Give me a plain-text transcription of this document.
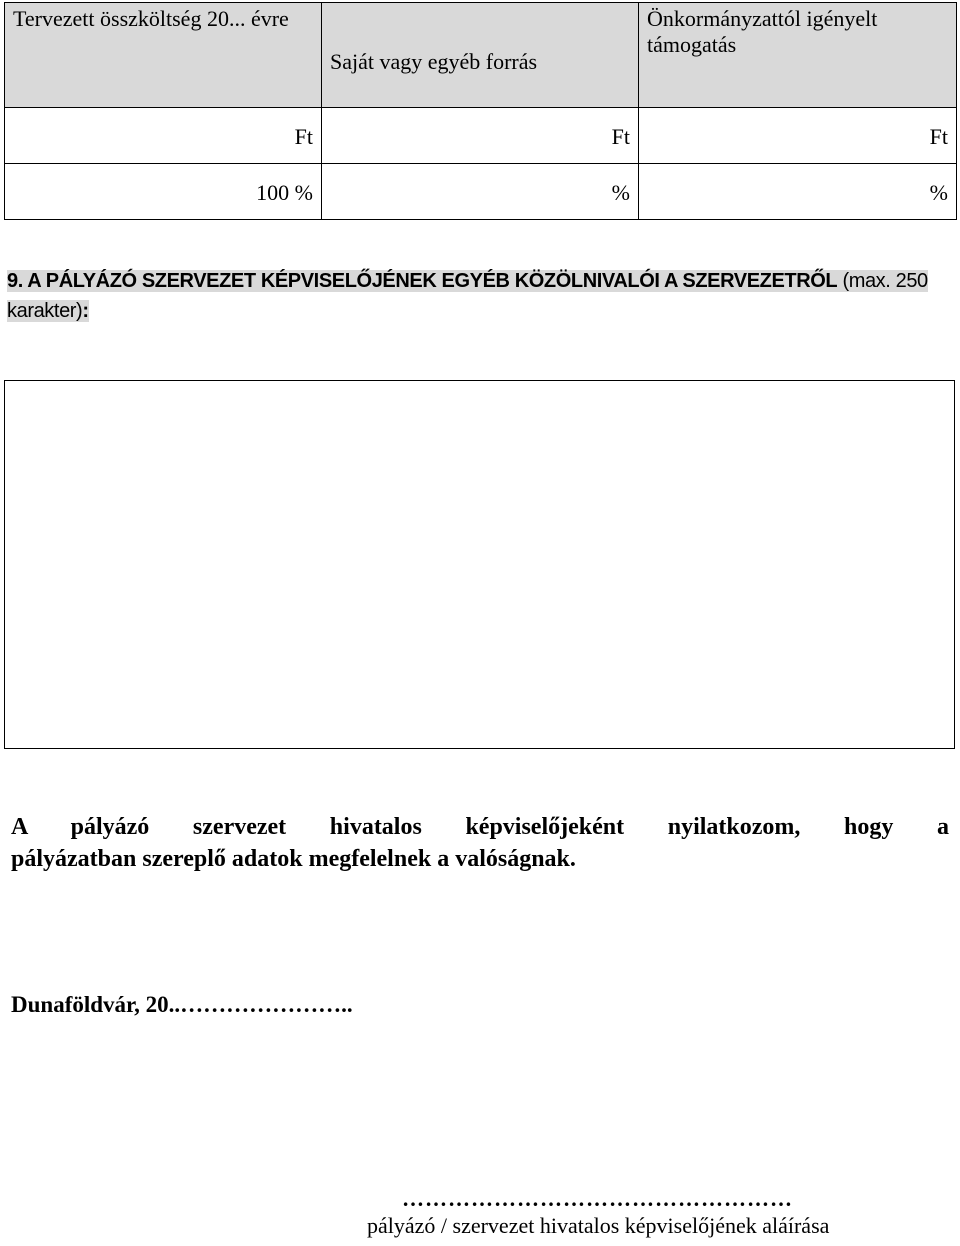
Tervezett összköltség 20... évre	Saját vagy egyéb forrás	Önkormányzattól igényelt támogatás
Ft	Ft	Ft
100 %	%	%
9. A PÁLYÁZÓ SZERVEZET KÉPVISELŐJÉNEK EGYÉB KÖZÖLNIVALÓI A SZERVEZETRŐL (max. 250 karakter):
A pályázó szervezet hivatalos képviselőjeként nyilatkozom, hogy a
pályázatban szereplő adatok megfelelnek a valóságnak.
Dunaföldvár, 20..…………………..
……………………………………………
pályázó / szervezet hivatalos képviselőjének aláírása
